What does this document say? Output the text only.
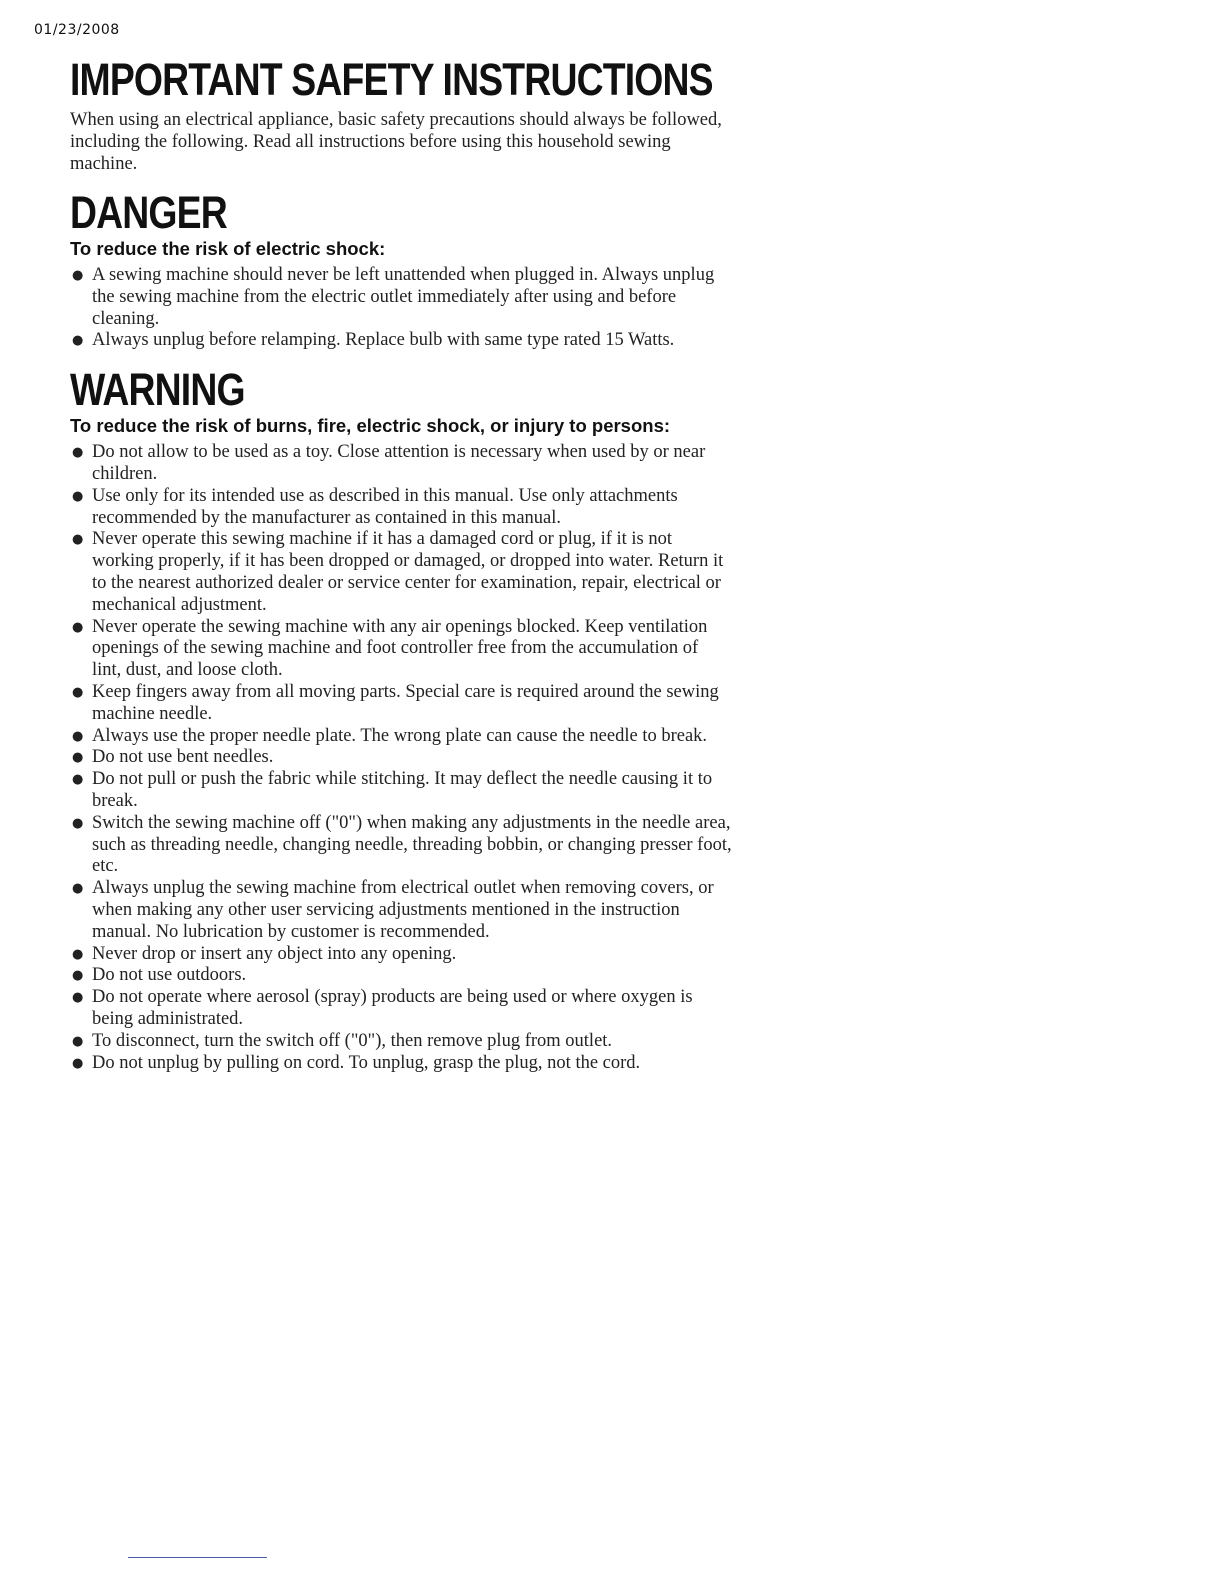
01/23/2008
IMPORTANT SAFETY INSTRUCTIONS

When using an electrical appliance, basic safety precautions should always be followed, including the following. Read all instructions before using this household sewing machine.

DANGER
To reduce the risk of electric shock:
● A sewing machine should never be left unattended when plugged in. Always unplug the sewing machine from the electric outlet immediately after using and before cleaning.
● Always unplug before relamping. Replace bulb with same type rated 15 Watts.
WARNING
To reduce the risk of burns, fire, electric shock, or injury to persons:
● Do not allow to be used as a toy. Close attention is necessary when used by or near children.
● Use only for its intended use as described in this manual. Use only attachments recommended by the manufacturer as contained in this manual.
● Never operate this sewing machine if it has a damaged cord or plug, if it is not working properly, if it has been dropped or damaged, or dropped into water. Return it to the nearest authorized dealer or service center for examination, repair, electrical or mechanical adjustment.
● Never operate the sewing machine with any air openings blocked. Keep ventilation openings of the sewing machine and foot controller free from the accumulation of lint, dust, and loose cloth.
● Keep fingers away from all moving parts. Special care is required around the sewing machine needle.
● Always use the proper needle plate. The wrong plate can cause the needle to break.
● Do not use bent needles.
● Do not pull or push the fabric while stitching. It may deflect the needle causing it to break.
● Switch the sewing machine off ("0") when making any adjustments in the needle area, such as threading needle, changing needle, threading bobbin, or changing presser foot, etc.
● Always unplug the sewing machine from electrical outlet when removing covers, or when making any other user servicing adjustments mentioned in the instruction manual. No lubrication by customer is recommended.
● Never drop or insert any object into any opening.
● Do not use outdoors.
● Do not operate where aerosol (spray) products are being used or where oxygen is being administrated.
● To disconnect, turn the switch off ("0"), then remove plug from outlet.
● Do not unplug by pulling on cord. To unplug, grasp the plug, not the cord.
